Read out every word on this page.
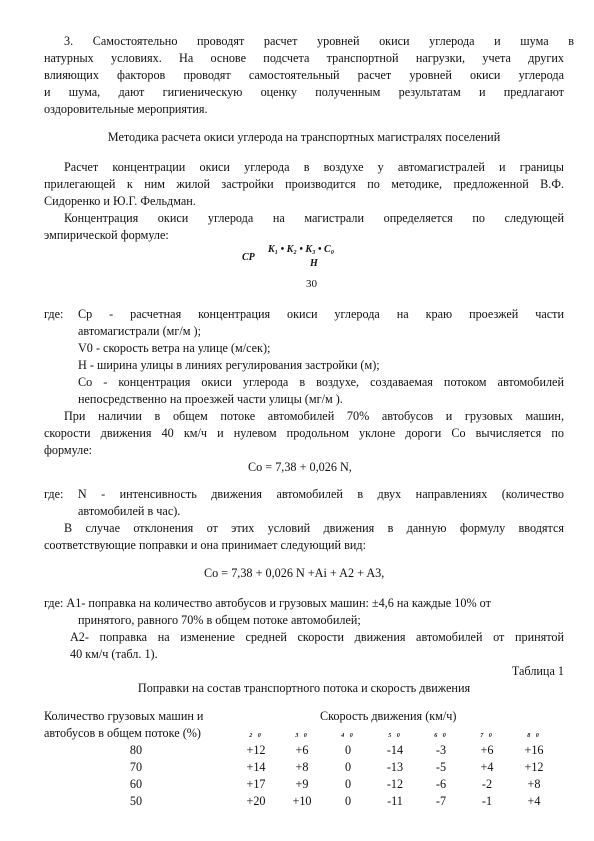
3. Самостоятельно проводят расчет уровней окиси углерода и шума в
натурных условиях. На основе подсчета транспортной нагрузки, учета других
влияющих факторов проводят самостоятельный расчет уровней окиси углерода
и шума, дают гигиеническую оценку полученным результатам и предлагают
оздоровительные мероприятия.
Методика расчета окиси углерода на транспортных магистралях поселений
Расчет концентрации окиси углерода в воздухе у автомагистралей и границы
прилегающей к ним жилой застройки производится по методике, предложенной В.Ф.
Сидоренко и Ю.Г. Фельдман.
Концентрация окиси углерода на магистрали определяется по следующей
эмпирической формуле:
K₁ • K₂ • K₃ • C₀
CP
H
30
где: Ср - расчетная концентрация окиси углерода на краю проезжей части
автомагистрали (мг/м );
V0 - скорость ветра на улице (м/сек);
Н - ширина улицы в линиях регулирования застройки (м);
Со - концентрация окиси углерода в воздухе, создаваемая потоком автомобилей
непосредственно на проезжей части улицы (мг/м ).
При наличии в общем потоке автомобилей 70% автобусов и грузовых машин,
скорости движения 40 км/ч и нулевом продольном уклоне дороги Со вычисляется по
формуле:
Со = 7,38 + 0,026 N,
где: N - интенсивность движения автомобилей в двух направлениях (количество
автомобилей в час).
В случае отклонения от этих условий движения в данную формулу вводятся
соответствующие поправки и она принимает следующий вид:
Со = 7,38 + 0,026 N +Ai + A2 + A3,
где: А1- поправка на количество автобусов и грузовых машин: ±4,6 на каждые 10% от
принятого, равного 70% в общем потоке автомобилей;
А2- поправка на изменение средней скорости движения автомобилей от принятой
40 км/ч (табл. 1).
Таблица 1
Поправки на состав транспортного потока и скорость движения
Количество грузовых машин и
автобусов в общем потоке (%)
Скорость движения (км/ч)
2 0	3 0	4 0	5 0	6 0	7 0	8 0
80	+12	+6	0	-14	-3	+6	+16
70	+14	+8	0	-13	-5	+4	+12
60	+17	+9	0	-12	-6	-2	+8
50	+20	+10	0	-11	-7	-1	+4
